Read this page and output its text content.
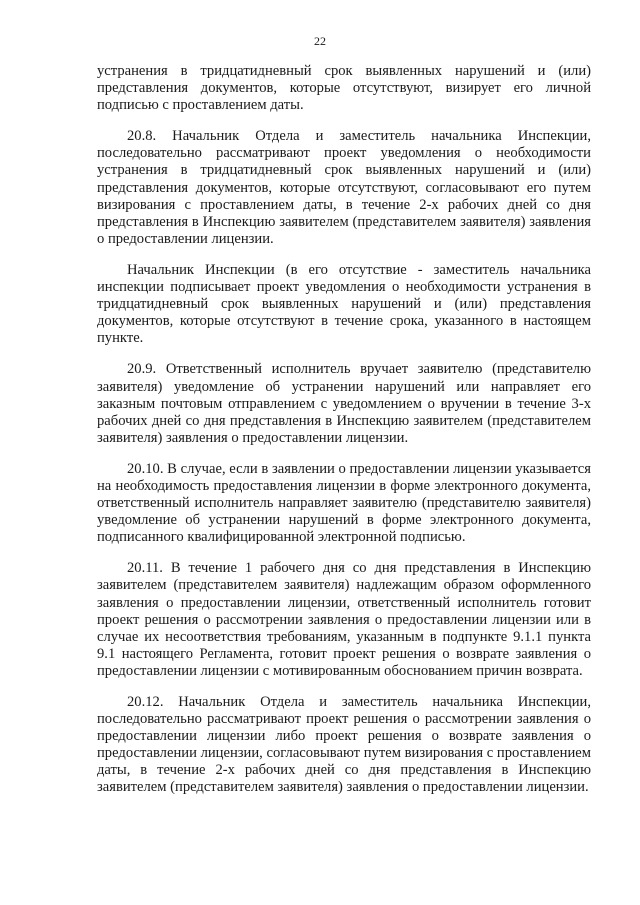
22

устранения в тридцатидневный срок выявленных нарушений и (или) представления документов, которые отсутствуют, визирует его личной подписью с проставлением даты.

20.8. Начальник Отдела и заместитель начальника Инспекции, последовательно рассматривают проект уведомления о необходимости устранения в тридцатидневный срок выявленных нарушений и (или) представления документов, которые отсутствуют, согласовывают его путем визирования с проставлением даты, в течение 2-х рабочих дней со дня представления в Инспекцию заявителем (представителем заявителя) заявления о предоставлении лицензии.

Начальник Инспекции (в его отсутствие - заместитель начальника инспекции подписывает проект уведомления о необходимости устранения в тридцатидневный срок выявленных нарушений и (или) представления документов, которые отсутствуют в течение срока, указанного в настоящем пункте.

20.9. Ответственный исполнитель вручает заявителю (представителю заявителя) уведомление об устранении нарушений или направляет его заказным почтовым отправлением с уведомлением о вручении в течение 3-х рабочих дней со дня представления в Инспекцию заявителем (представителем заявителя) заявления о предоставлении лицензии.

20.10. В случае, если в заявлении о предоставлении лицензии указывается на необходимость предоставления лицензии в форме электронного документа, ответственный исполнитель направляет заявителю (представителю заявителя) уведомление об устранении нарушений в форме электронного документа, подписанного квалифицированной электронной подписью.

20.11. В течение 1 рабочего дня со дня представления в Инспекцию заявителем (представителем заявителя) надлежащим образом оформленного заявления о предоставлении лицензии, ответственный исполнитель готовит проект решения о рассмотрении заявления о предоставлении лицензии или в случае их несоответствия требованиям, указанным в подпункте 9.1.1 пункта 9.1 настоящего Регламента, готовит проект решения о возврате заявления о предоставлении лицензии с мотивированным обоснованием причин возврата.

20.12. Начальник Отдела и заместитель начальника Инспекции, последовательно рассматривают проект решения о рассмотрении заявления о предоставлении лицензии либо проект решения о возврате заявления о предоставлении лицензии, согласовывают путем визирования с проставлением даты, в течение 2-х рабочих дней со дня представления в Инспекцию заявителем (представителем заявителя) заявления о предоставлении лицензии.
